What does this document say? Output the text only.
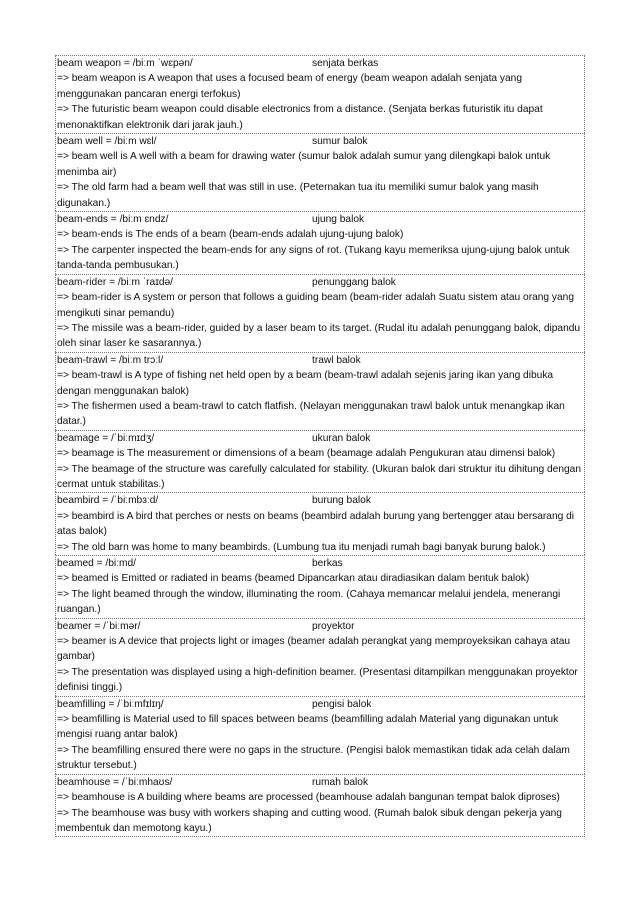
beam weapon = /biːm ˈwɛpən/	senjata berkas

=> beam weapon is A weapon that uses a focused beam of energy (beam weapon adalah senjata yang menggunakan pancaran energi terfokus)

=> The futuristic beam weapon could disable electronics from a distance. (Senjata berkas futuristik itu dapat menonaktifkan elektronik dari jarak jauh.)

beam well = /biːm wɛl/	sumur balok

=> beam well is A well with a beam for drawing water (sumur balok adalah sumur yang dilengkapi balok untuk menimba air)

=> The old farm had a beam well that was still in use. (Peternakan tua itu memiliki sumur balok yang masih digunakan.)

beam-ends = /biːm ɛndz/	ujung balok

=> beam-ends is The ends of a beam (beam-ends adalah ujung-ujung balok)

=> The carpenter inspected the beam-ends for any signs of rot. (Tukang kayu memeriksa ujung-ujung balok untuk tanda-tanda pembusukan.)

beam-rider = /biːm ˈraɪdə/	penunggang balok

=> beam-rider is A system or person that follows a guiding beam (beam-rider adalah Suatu sistem atau orang yang mengikuti sinar pemandu)

=> The missile was a beam-rider, guided by a laser beam to its target. (Rudal itu adalah penunggang balok, dipandu oleh sinar laser ke sasarannya.)

beam-trawl = /biːm trɔːl/	trawl balok

=> beam-trawl is A type of fishing net held open by a beam (beam-trawl adalah sejenis jaring ikan yang dibuka dengan menggunakan balok)

=> The fishermen used a beam-trawl to catch flatfish. (Nelayan menggunakan trawl balok untuk menangkap ikan datar.)

beamage = /ˈbiːmɪdʒ/	ukuran balok

=> beamage is The measurement or dimensions of a beam (beamage adalah Pengukuran atau dimensi balok)

=> The beamage of the structure was carefully calculated for stability. (Ukuran balok dari struktur itu dihitung dengan cermat untuk stabilitas.)

beambird = /ˈbiːmbɜːd/	burung balok

=> beambird is A bird that perches or nests on beams (beambird adalah burung yang bertengger atau bersarang di atas balok)

=> The old barn was home to many beambirds. (Lumbung tua itu menjadi rumah bagi banyak burung balok.)

beamed = /biːmd/	berkas

=> beamed is Emitted or radiated in beams (beamed Dipancarkan atau diradiasikan dalam bentuk balok)

=> The light beamed through the window, illuminating the room. (Cahaya memancar melalui jendela, menerangi ruangan.)

beamer = /ˈbiːmər/	proyektor

=> beamer is A device that projects light or images (beamer adalah perangkat yang memproyeksikan cahaya atau gambar)

=> The presentation was displayed using a high-definition beamer. (Presentasi ditampilkan menggunakan proyektor definisi tinggi.)

beamfilling = /ˈbiːmfɪlɪŋ/	pengisi balok

=> beamfilling is Material used to fill spaces between beams (beamfilling adalah Material yang digunakan untuk mengisi ruang antar balok)

=> The beamfilling ensured there were no gaps in the structure. (Pengisi balok memastikan tidak ada celah dalam struktur tersebut.)

beamhouse = /ˈbiːmhaʊs/	rumah balok

=> beamhouse is A building where beams are processed (beamhouse adalah bangunan tempat balok diproses)

=> The beamhouse was busy with workers shaping and cutting wood. (Rumah balok sibuk dengan pekerja yang membentuk dan memotong kayu.)
